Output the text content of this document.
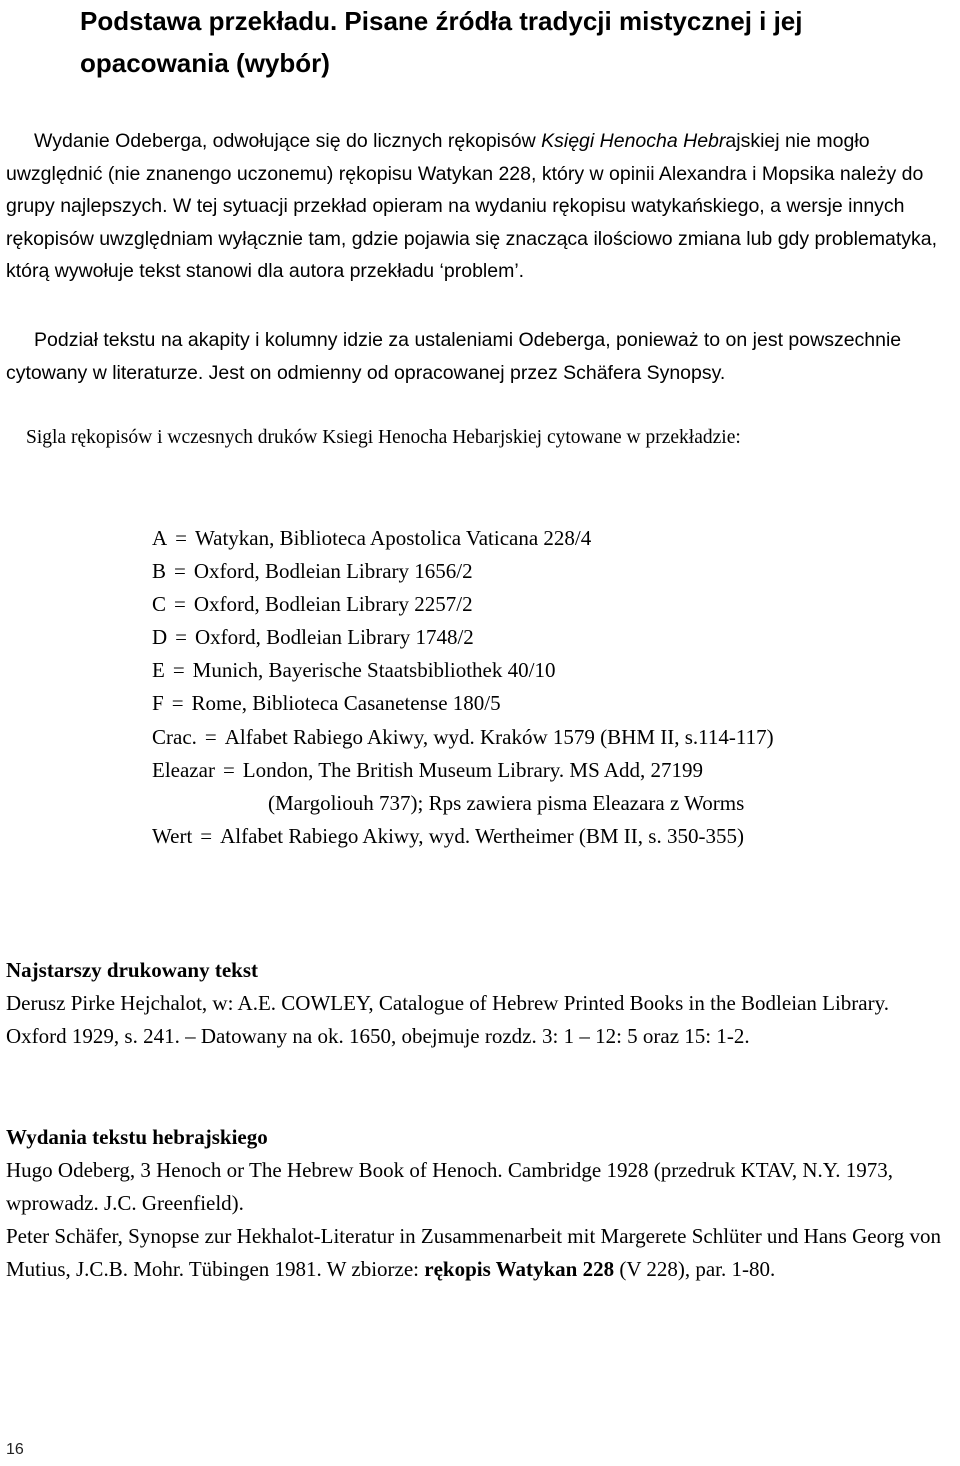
Podstawa przekładu. Pisane źródła tradycji mistycznej i jej opacowania (wybór)

Wydanie Odeberga, odwołujące się do licznych rękopisów Księgi Henocha Hebrajskiej nie mogło uwzględnić (nie znanengo uczonemu) rękopisu Watykan 228, który w opinii Alexandra i Mopsika należy do grupy najlepszych. W tej sytuacji przekład opieram na wydaniu rękopisu watykańskiego, a wersje innych rękopisów uwzględniam wyłącznie tam, gdzie pojawia się znacząca ilościowo zmiana lub gdy problematyka, którą wywołuje tekst stanowi dla autora przekładu ‘problem’.

Podział tekstu na akapity i kolumny idzie za ustaleniami Odeberga, ponieważ to on jest powszechnie cytowany w literaturze. Jest on odmienny od opracowanej przez Schäfera Synopsy.

Sigla rękopisów i wczesnych druków Ksiegi Henocha Hebarjskiej cytowane w przekładzie:

A = Watykan, Biblioteca Apostolica Vaticana 228/4
B = Oxford, Bodleian Library 1656/2
C = Oxford, Bodleian Library 2257/2
D = Oxford, Bodleian Library 1748/2
E = Munich, Bayerische Staatsbibliothek 40/10
F = Rome, Biblioteca Casanetense 180/5
Crac. = Alfabet Rabiego Akiwy, wyd. Kraków 1579 (BHM II, s.114-117)
Eleazar = London, The British Museum Library. MS Add, 27199
(Margoliouh 737); Rps zawiera pisma Eleazara z Worms
Wert = Alfabet Rabiego Akiwy, wyd. Wertheimer (BM II, s. 350-355)
Najstarszy drukowany tekst
Derusz Pirke Hejchalot, w: A.E. COWLEY, Catalogue of Hebrew Printed Books in the Bodleian Library. Oxford 1929, s. 241. – Datowany na ok. 1650, obejmuje rozdz. 3: 1 – 12: 5 oraz 15: 1-2.
Wydania tekstu hebrajskiego
Hugo Odeberg, 3 Henoch or The Hebrew Book of Henoch. Cambridge 1928 (przedruk KTAV, N.Y. 1973, wprowadz. J.C. Greenfield).
Peter Schäfer, Synopse zur Hekhalot-Literatur in Zusammenarbeit mit Margerete Schlüter und Hans Georg von Mutius, J.C.B. Mohr. Tübingen 1981. W zbiorze: rękopis Watykan 228 (V 228), par. 1-80.
16
